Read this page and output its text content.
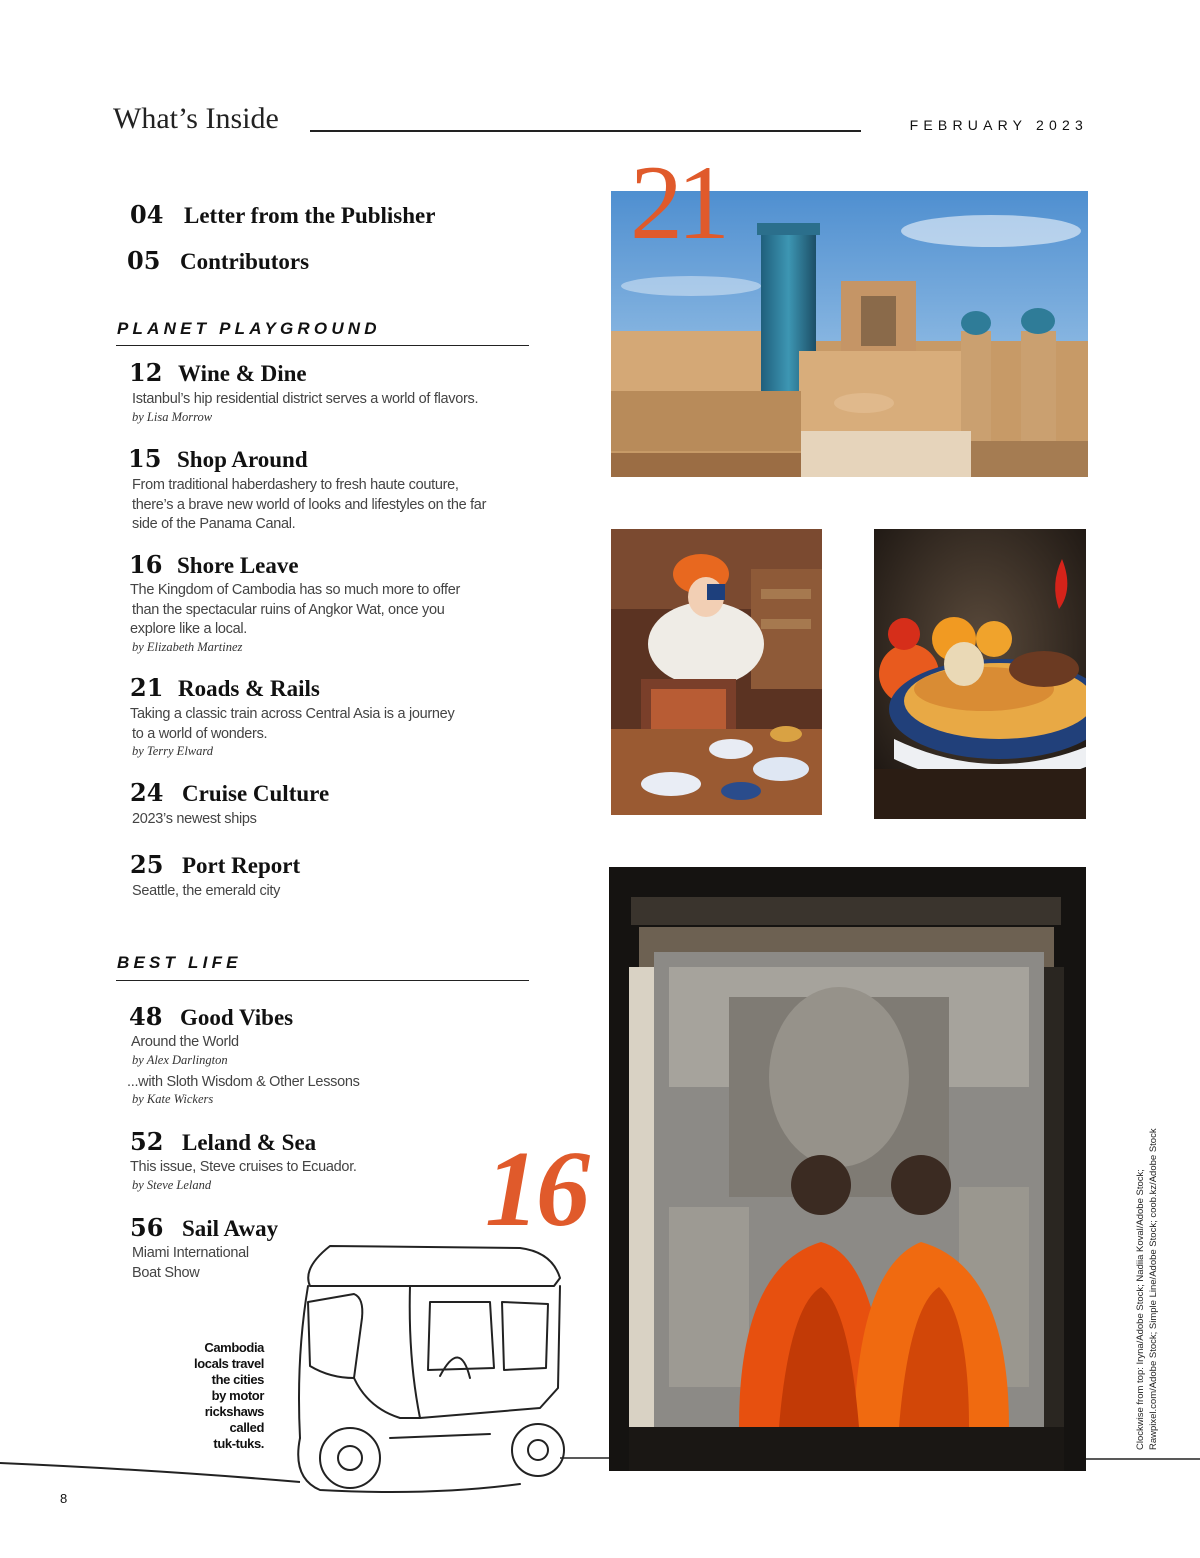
What’s Inside	FEBRUARY 2023
04 Letter from the Publisher
05 Contributors
PLANET PLAYGROUND
12 Wine & Dine
Istanbul’s hip residential district serves a world of flavors.
by Lisa Morrow
15 Shop Around
From traditional haberdashery to fresh haute couture,
there’s a brave new world of looks and lifestyles on the far
side of the Panama Canal.
16 Shore Leave
The Kingdom of Cambodia has so much more to offer
than the spectacular ruins of Angkor Wat, once you
explore like a local.
by Elizabeth Martinez
21 Roads & Rails
Taking a classic train across Central Asia is a journey
to a world of wonders.
by Terry Elward
24 Cruise Culture
2023’s newest ships
25 Port Report
Seattle, the emerald city
BEST LIFE
48 Good Vibes
Around the World
by Alex Darlington
...with Sloth Wisdom & Other Lessons
by Kate Wickers
52 Leland & Sea
This issue, Steve cruises to Ecuador.
by Steve Leland
56 Sail Away
Miami International
Boat Show
21
16
Cambodia
locals travel
the cities
by motor
rickshaws
called
tuk-tuks.	Clockwise from top: Iryna/Adobe Stock; Nadiia Koval/Adobe Stock; Rawpixel.com/Adobe Stock; Simple Line/Adobe Stock; coob.kz/Adobe Stock
8
